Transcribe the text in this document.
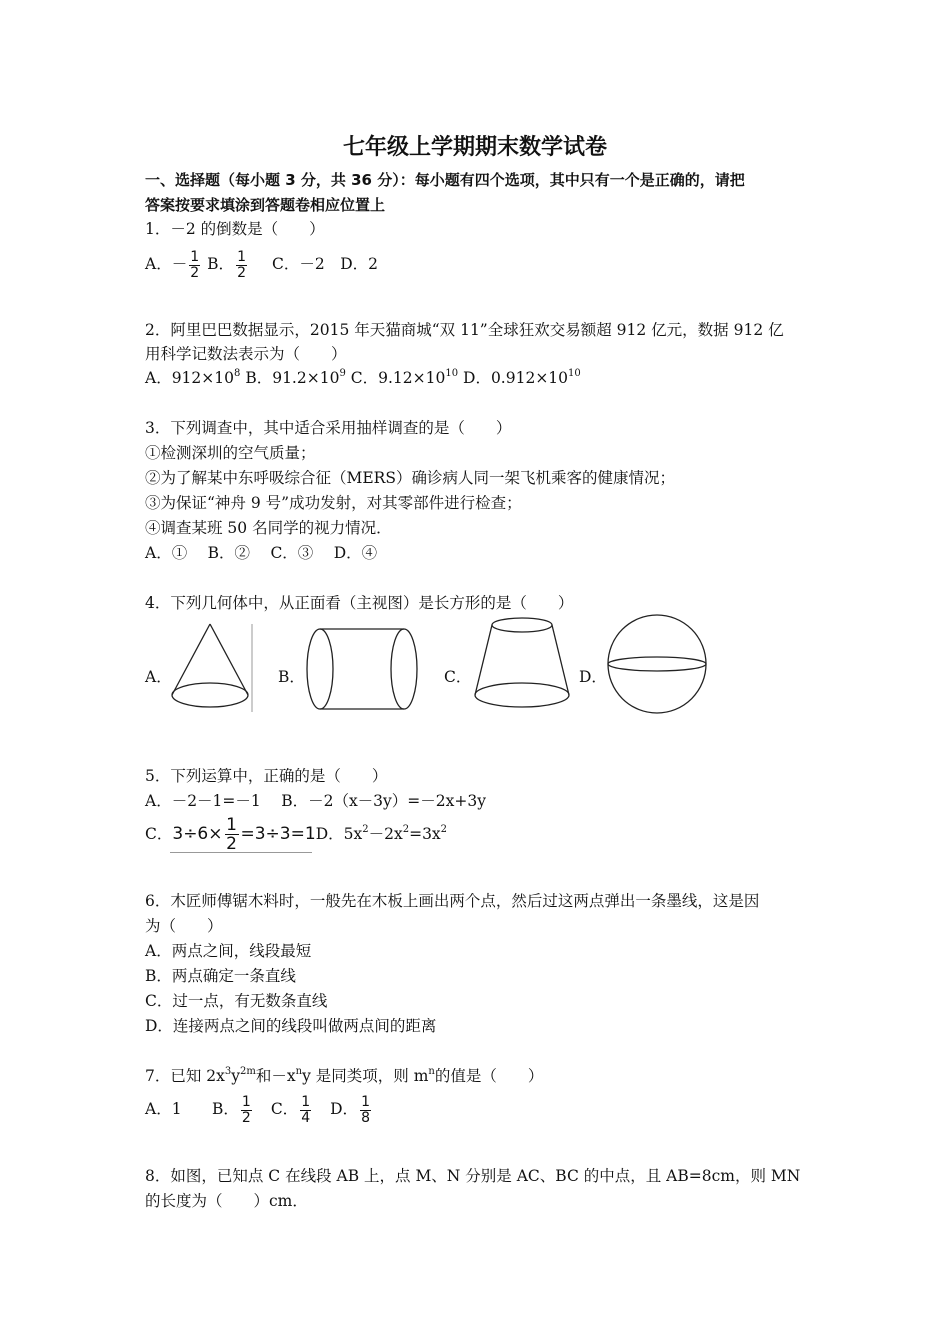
七年级上学期期末数学试卷
一、选择题（每小题 3 分，共 36 分）：每小题有四个选项，其中只有一个是正确的，请把
答案按要求填涂到答题卷相应位置上
1．－2 的倒数是（　　）
A．－ $\frac{1}{2}$ B． $\frac{1}{2}$ C．－2　D．2
2．阿里巴巴数据显示，2015 年天猫商城“双 11”全球狂欢交易额超 912 亿元，数据 912 亿
用科学记数法表示为（　　）
A．$912\times 10^8$ B．$91.2\times 10^9$ C．$9.12\times 10^{10}$ D．$0.912\times 10^{10}$
3．下列调查中，其中适合采用抽样调查的是（　　）
①检测深圳的空气质量；
②为了解某中东呼吸综合征（MERS）确诊病人同一架飞机乘客的健康情况；
③为保证“神舟 9 号”成功发射，对其零部件进行检查；
④调查某班 50 名同学的视力情况．
A．①　 B．②　 C．③　 D．④
4．下列几何体中，从正面看（主视图）是长方形的是（　　）
A．	B．	C．	D．
5．下列运算中，正确的是（　　）
A．－2－1=－1　 B．－2（x－3y）=－2x+3y
C． $3\div 6\times \frac{1}{2} =3\div 3=1$ D．$5x^2-2x^2=3x^2$
6．木匠师傅锯木料时，一般先在木板上画出两个点，然后过这两点弹出一条墨线，这是因
为（　　）
A．两点之间，线段最短
B．两点确定一条直线
C．过一点，有无数条直线
D．连接两点之间的线段叫做两点间的距离
7．已知 $2x^3y^{2m}$和$-x^ny$ 是同类项，则 $m^n$的值是（　　）
A．1　 B． $\frac{1}{2}$ C． $\frac{1}{4}$ D． $\frac{1}{8}$
8．如图，已知点 C 在线段 AB 上，点 M、N 分别是 AC、BC 的中点，且 AB=8cm，则 MN
的长度为（　　）cm．
